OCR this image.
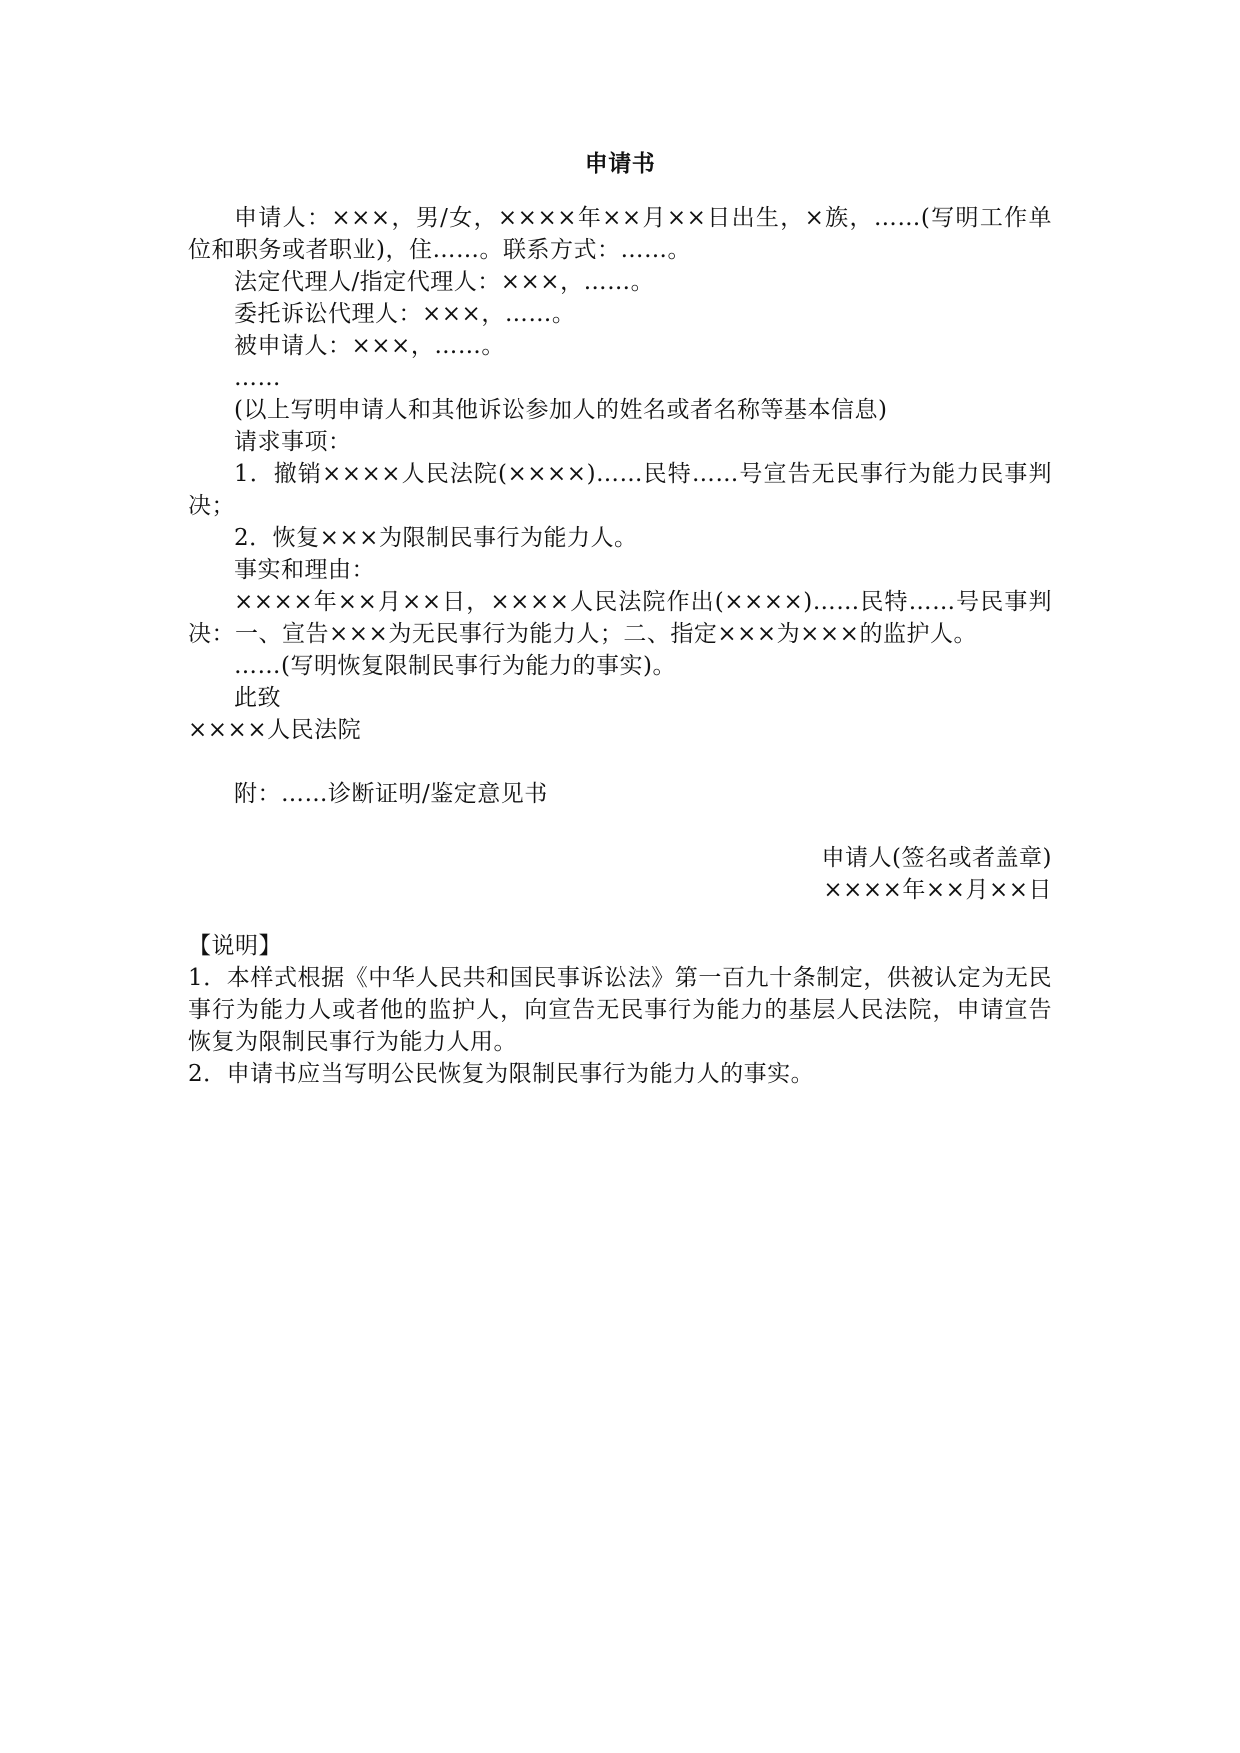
申请书

申请人：×××，男/女，××××年××月××日出生，×族，……(写明工作单位和职务或者职业)，住……。联系方式：……。

法定代理人/指定代理人：×××，……。

委托诉讼代理人：×××，……。

被申请人：×××，……。

……

(以上写明申请人和其他诉讼参加人的姓名或者名称等基本信息)

请求事项：

1．撤销××××人民法院(××××)……民特……号宣告无民事行为能力民事判决；

2．恢复×××为限制民事行为能力人。

事实和理由：

××××年××月××日，××××人民法院作出(××××)……民特……号民事判决：一、宣告×××为无民事行为能力人；二、指定×××为×××的监护人。

……(写明恢复限制民事行为能力的事实)。

此致

××××人民法院

附：……诊断证明/鉴定意见书

申请人(签名或者盖章)

××××年××月××日

【说明】

1．本样式根据《中华人民共和国民事诉讼法》第一百九十条制定，供被认定为无民事行为能力人或者他的监护人，向宣告无民事行为能力的基层人民法院，申请宣告恢复为限制民事行为能力人用。

2．申请书应当写明公民恢复为限制民事行为能力人的事实。
